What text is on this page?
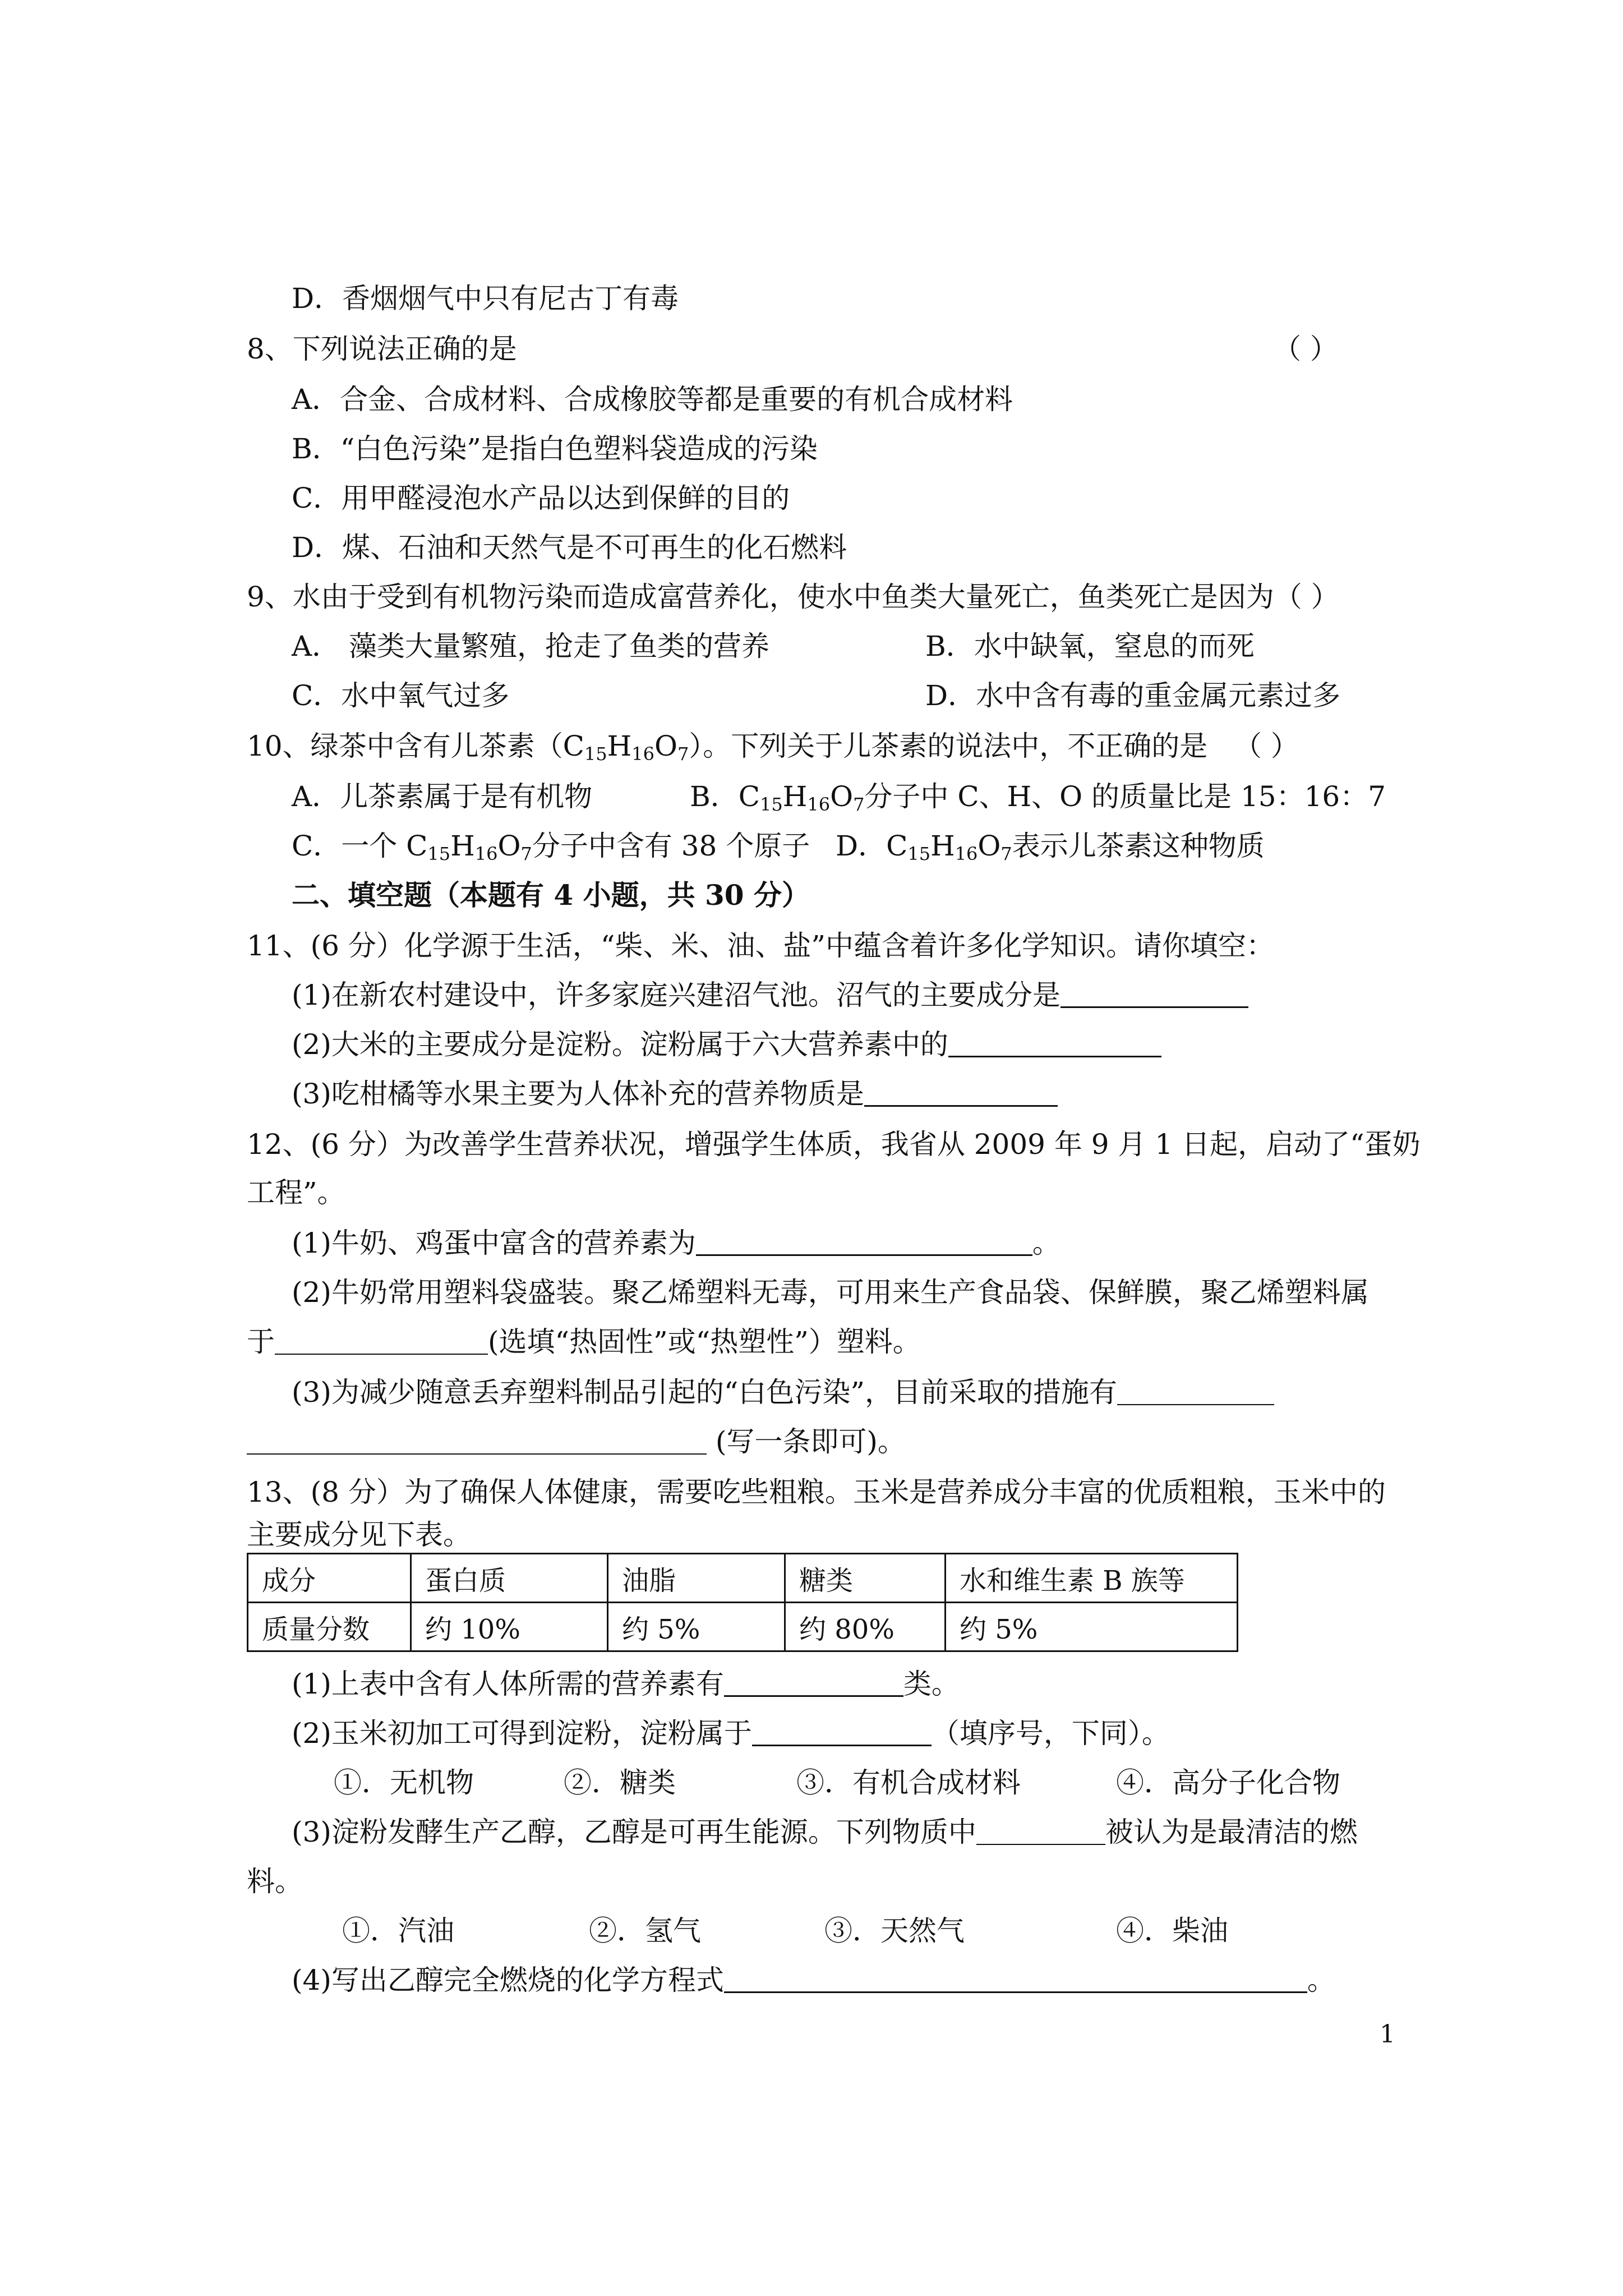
D．香烟烟气中只有尼古丁有毒
8、下列说法正确的是	（ ）
A．合金、合成材料、合成橡胶等都是重要的有机合成材料
B．“白色污染”是指白色塑料袋造成的污染
C．用甲醛浸泡水产品以达到保鲜的目的
D．煤、石油和天然气是不可再生的化石燃料
9、水由于受到有机物污染而造成富营养化，使水中鱼类大量死亡，鱼类死亡是因为（ ）
A． 藻类大量繁殖，抢走了鱼类的营养	B．水中缺氧，窒息的而死
C．水中氧气过多	D．水中含有毒的重金属元素过多
10、绿茶中含有儿茶素$(C_{15}H_{16}O_7)$。下列关于儿茶素的说法中，不正确的是 （ ）
A．儿茶素属于是有机物	B．$C_{15}H_{16}O_7$分子中 C、H、O 的质量比是 15：16：7
C．一个 $C_{15}H_{16}O_7$分子中含有 38 个原子 D．$C_{15}H_{16}O_7$表示儿茶素这种物质
二、填空题（本题有 4 小题，共 30 分）
11、(6 分）化学源于生活，“柴、米、油、盐”中蕴含着许多化学知识。请你填空：
(1)在新农村建设中，许多家庭兴建沼气池。沼气的主要成分是
(2)大米的主要成分是淀粉。淀粉属于六大营养素中的
(3)吃柑橘等水果主要为人体补充的营养物质是
12、(6 分）为改善学生营养状况，增强学生体质，我省从 2009 年 9 月 1 日起，启动了“蛋奶
工程”。
(1)牛奶、鸡蛋中富含的营养素为	。
(2)牛奶常用塑料袋盛装。聚乙烯塑料无毒，可用来生产食品袋、保鲜膜，聚乙烯塑料属
于	(选填“热固性”或“热塑性”）塑料。
(3)为减少随意丢弃塑料制品引起的“白色污染”，目前采取的措施有
(写一条即可)。
13、(8 分）为了确保人体健康，需要吃些粗粮。玉米是营养成分丰富的优质粗粮，玉米中的
主要成分见下表。
成分	蛋白质	油脂	糖类	水和维生素 B 族等
质量分数	约 10%	约 5%	约 80%	约 5%
(1)上表中含有人体所需的营养素有	类。
(2)玉米初加工可得到淀粉，淀粉属于	（填序号，下同）。
①．无机物	②．糖类	③．有机合成材料	④．高分子化合物
(3)淀粉发酵生产乙醇，乙醇是可再生能源。下列物质中	被认为是最清洁的燃
料。
①．汽油	②．氢气	③．天然气	④．柴油
(4)写出乙醇完全燃烧的化学方程式	。
1
